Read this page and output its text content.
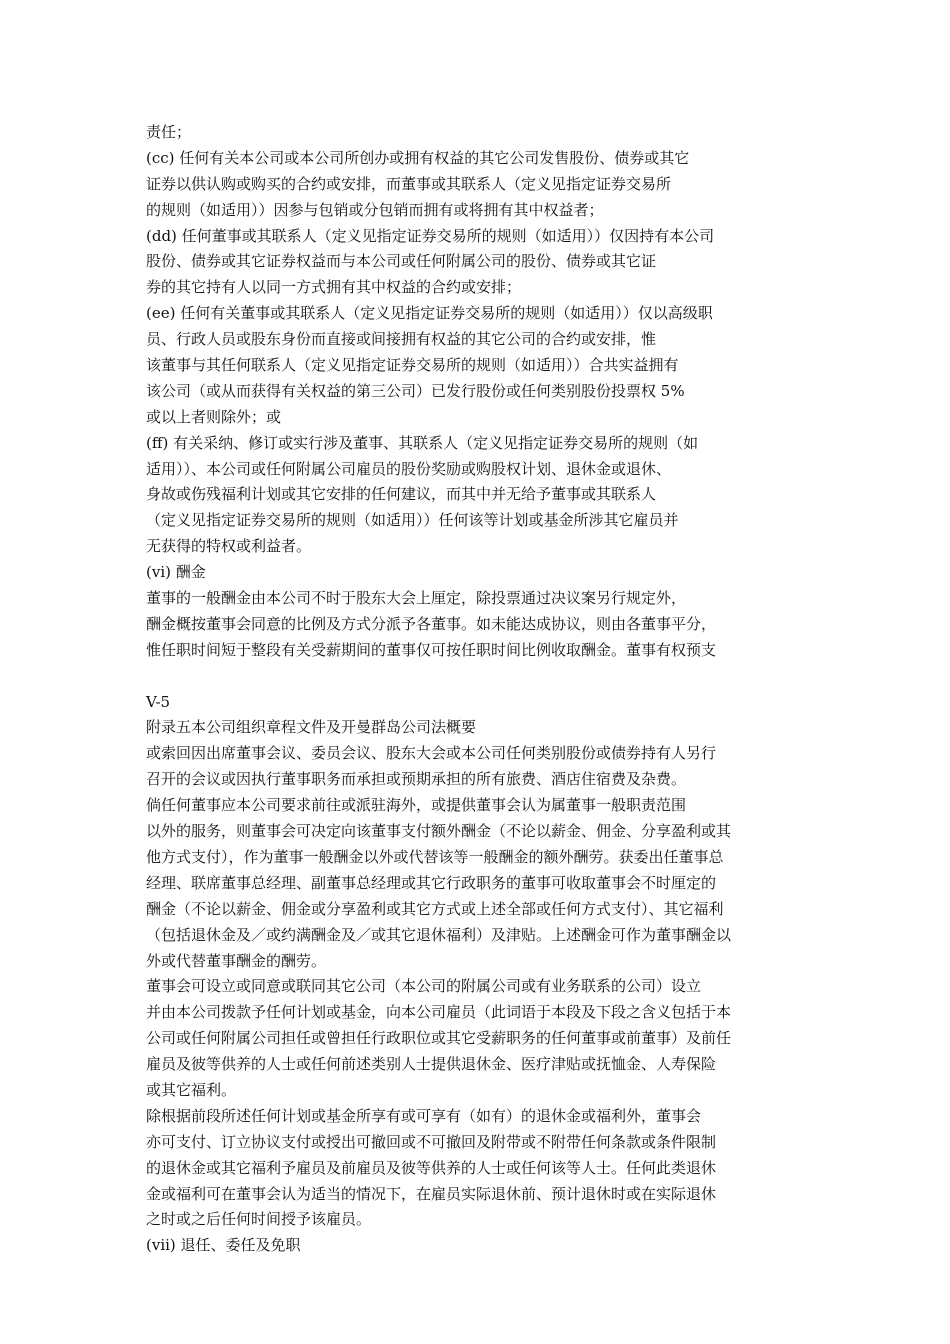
责任；
(cc) 任何有关本公司或本公司所创办或拥有权益的其它公司发售股份、债券或其它
证券以供认购或购买的合约或安排，而董事或其联系人（定义见指定证券交易所
的规则（如适用））因参与包销或分包销而拥有或将拥有其中权益者；
(dd) 任何董事或其联系人（定义见指定证券交易所的规则（如适用））仅因持有本公司
股份、债券或其它证券权益而与本公司或任何附属公司的股份、债券或其它证
券的其它持有人以同一方式拥有其中权益的合约或安排；
(ee) 任何有关董事或其联系人（定义见指定证券交易所的规则（如适用））仅以高级职
员、行政人员或股东身份而直接或间接拥有权益的其它公司的合约或安排，惟
该董事与其任何联系人（定义见指定证券交易所的规则（如适用））合共实益拥有
该公司（或从而获得有关权益的第三公司）已发行股份或任何类别股份投票权 5%
或以上者则除外；或
(ff) 有关采纳、修订或实行涉及董事、其联系人（定义见指定证券交易所的规则（如
适用））、本公司或任何附属公司雇员的股份奖励或购股权计划、退休金或退休、
身故或伤残福利计划或其它安排的任何建议，而其中并无给予董事或其联系人
（定义见指定证券交易所的规则（如适用））任何该等计划或基金所涉其它雇员并
无获得的特权或利益者。
(vi) 酬金
董事的一般酬金由本公司不时于股东大会上厘定，除投票通过决议案另行规定外，
酬金概按董事会同意的比例及方式分派予各董事。如未能达成协议，则由各董事平分，
惟任职时间短于整段有关受薪期间的董事仅可按任职时间比例收取酬金。董事有权预支
V-5
附录五本公司组织章程文件及开曼群岛公司法概要
或索回因出席董事会议、委员会议、股东大会或本公司任何类别股份或债券持有人另行
召开的会议或因执行董事职务而承担或预期承担的所有旅费、酒店住宿费及杂费。
倘任何董事应本公司要求前往或派驻海外，或提供董事会认为属董事一般职责范围
以外的服务，则董事会可决定向该董事支付额外酬金（不论以薪金、佣金、分享盈利或其
他方式支付），作为董事一般酬金以外或代替该等一般酬金的额外酬劳。获委出任董事总
经理、联席董事总经理、副董事总经理或其它行政职务的董事可收取董事会不时厘定的
酬金（不论以薪金、佣金或分享盈利或其它方式或上述全部或任何方式支付）、其它福利
（包括退休金及／或约满酬金及／或其它退休福利）及津贴。上述酬金可作为董事酬金以
外或代替董事酬金的酬劳。
董事会可设立或同意或联同其它公司（本公司的附属公司或有业务联系的公司）设立
并由本公司拨款予任何计划或基金，向本公司雇员（此词语于本段及下段之含义包括于本
公司或任何附属公司担任或曾担任行政职位或其它受薪职务的任何董事或前董事）及前任
雇员及彼等供养的人士或任何前述类别人士提供退休金、医疗津贴或抚恤金、人寿保险
或其它福利。
除根据前段所述任何计划或基金所享有或可享有（如有）的退休金或福利外，董事会
亦可支付、订立协议支付或授出可撤回或不可撤回及附带或不附带任何条款或条件限制
的退休金或其它福利予雇员及前雇员及彼等供养的人士或任何该等人士。任何此类退休
金或福利可在董事会认为适当的情况下，在雇员实际退休前、预计退休时或在实际退休
之时或之后任何时间授予该雇员。
(vii) 退任、委任及免职
